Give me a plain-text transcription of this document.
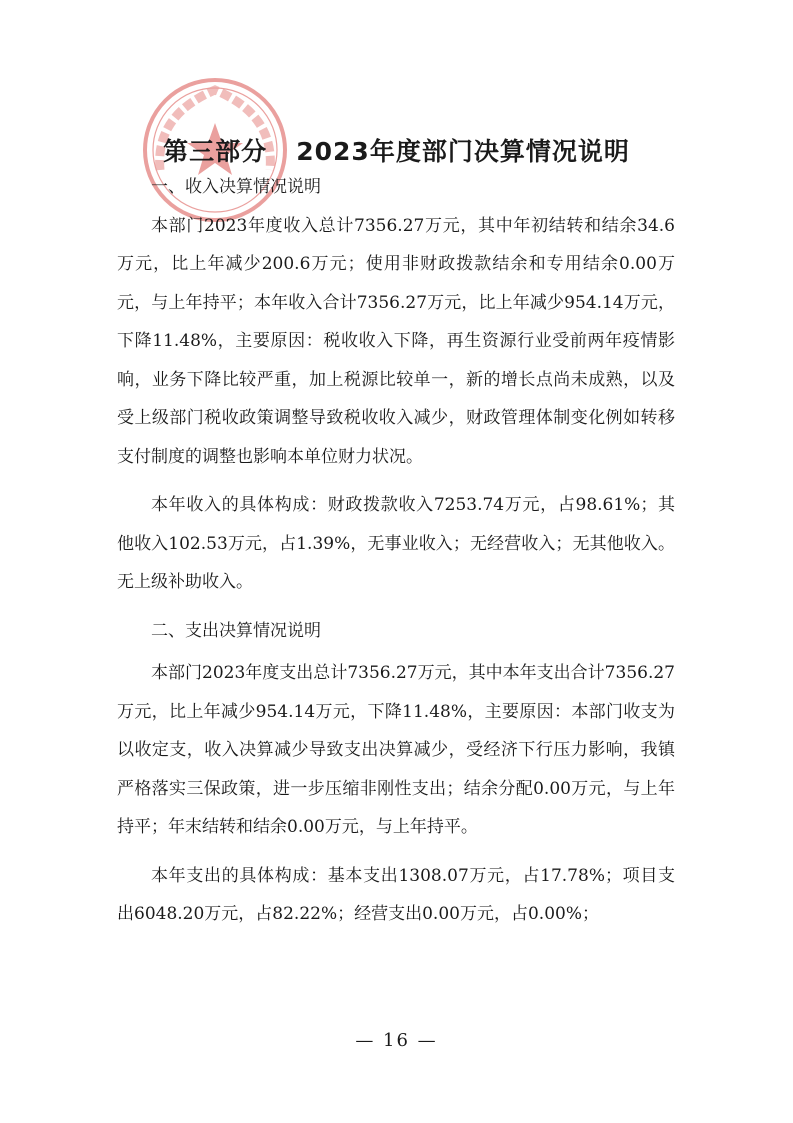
第三部分   2023年度部门决算情况说明

一、收入决算情况说明

本部门2023年度收入总计7356.27万元，其中年初结转和结余34.6万元，比上年减少200.6万元；使用非财政拨款结余和专用结余0.00万元，与上年持平；本年收入合计7356.27万元，比上年减少954.14万元，下降11.48%，主要原因：税收收入下降，再生资源行业受前两年疫情影响，业务下降比较严重，加上税源比较单一，新的增长点尚未成熟，以及受上级部门税收政策调整导致税收收入减少，财政管理体制变化例如转移支付制度的调整也影响本单位财力状况。

本年收入的具体构成：财政拨款收入7253.74万元，占98.61%；其他收入102.53万元，占1.39%，无事业收入；无经营收入；无其他收入。无上级补助收入。

二、支出决算情况说明

本部门2023年度支出总计7356.27万元，其中本年支出合计7356.27万元，比上年减少954.14万元，下降11.48%，主要原因：本部门收支为以收定支，收入决算减少导致支出决算减少，受经济下行压力影响，我镇严格落实三保政策，进一步压缩非刚性支出；结余分配0.00万元，与上年持平；年末结转和结余0.00万元，与上年持平。

本年支出的具体构成：基本支出1308.07万元，占17.78%；项目支出6048.20万元，占82.22%；经营支出0.00万元，占0.00%；

— 16 —
